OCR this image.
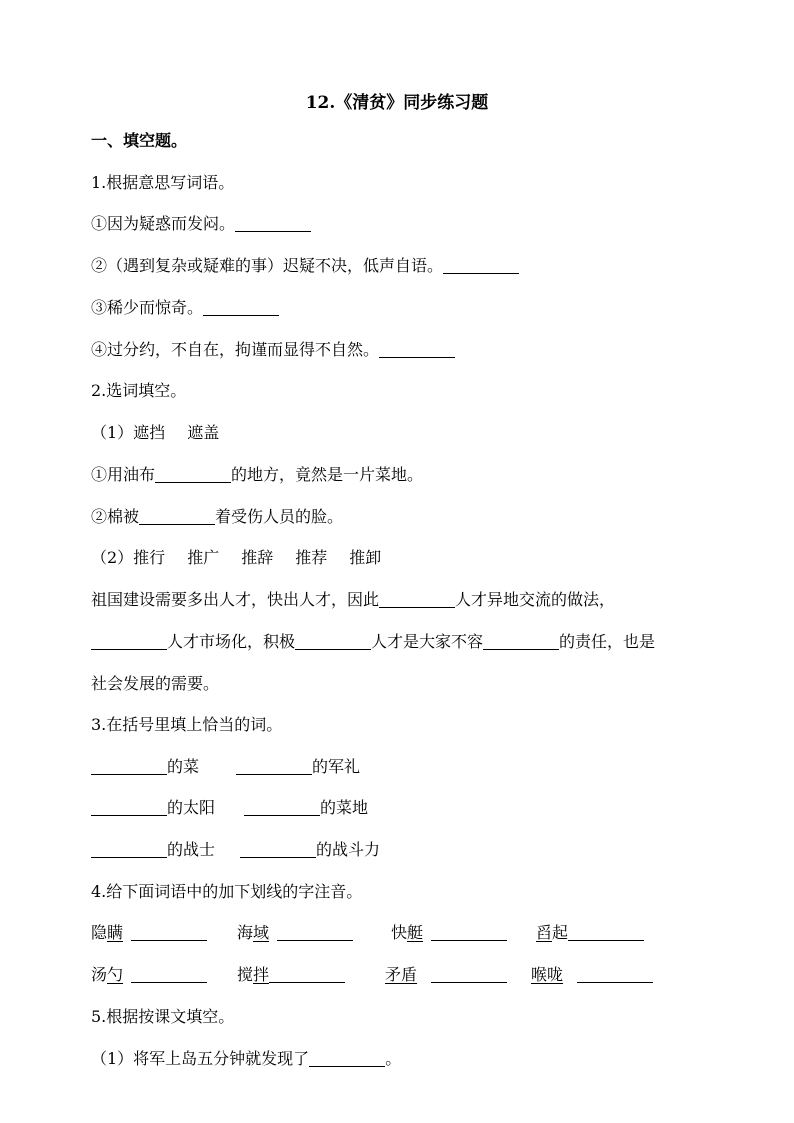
12.《清贫》同步练习题
一、填空题。
1.根据意思写词语。
①因为疑惑而发闷。
②（遇到复杂或疑难的事）迟疑不决，低声自语。
③稀少而惊奇。
④过分约，不自在，拘谨而显得不自然。
2.选词填空。
（1）遮挡 遮盖
①用油布	的地方，竟然是一片菜地。
②棉被	着受伤人员的脸。
（2）推行 推广 推辞 推荐 推卸
祖国建设需要多出人才，快出人才，因此	人才异地交流的做法，
人才市场化，积极	人才是大家不容	的责任，也是
社会发展的需要。
3.在括号里填上恰当的词。
的菜	的军礼
的太阳	的菜地
的战士	的战斗力
4.给下面词语中的加下划线的字注音。
隐瞒	海域	快艇	舀起
汤勺	搅拌	矛盾	喉咙
5.根据按课文填空。
（1）将军上岛五分钟就发现了	。
